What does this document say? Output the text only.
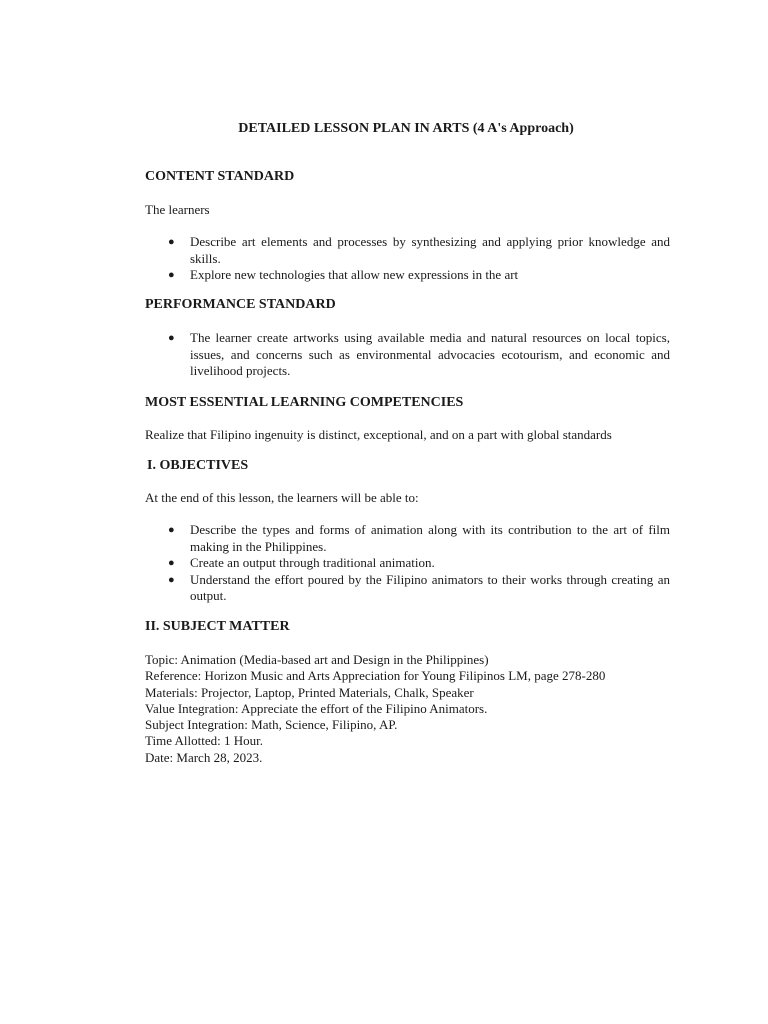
DETAILED LESSON PLAN IN ARTS (4 A's Approach)
CONTENT STANDARD
The learners
● Describe art elements and processes by synthesizing and applying prior knowledge and skills.
● Explore new technologies that allow new expressions in the art
PERFORMANCE STANDARD
● The learner create artworks using available media and natural resources on local topics, issues, and concerns such as environmental advocacies ecotourism, and economic and livelihood projects.
MOST ESSENTIAL LEARNING COMPETENCIES
Realize that Filipino ingenuity is distinct, exceptional, and on a part with global standards
I. OBJECTIVES
At the end of this lesson, the learners will be able to:
● Describe the types and forms of animation along with its contribution to the art of film making in the Philippines.
● Create an output through traditional animation.
● Understand the effort poured by the Filipino animators to their works through creating an output.
II. SUBJECT MATTER
Topic: Animation (Media-based art and Design in the Philippines)
Reference: Horizon Music and Arts Appreciation for Young Filipinos LM, page 278-280
Materials: Projector, Laptop, Printed Materials, Chalk, Speaker
Value Integration: Appreciate the effort of the Filipino Animators.
Subject Integration: Math, Science, Filipino, AP.
Time Allotted: 1 Hour.
Date: March 28, 2023.
